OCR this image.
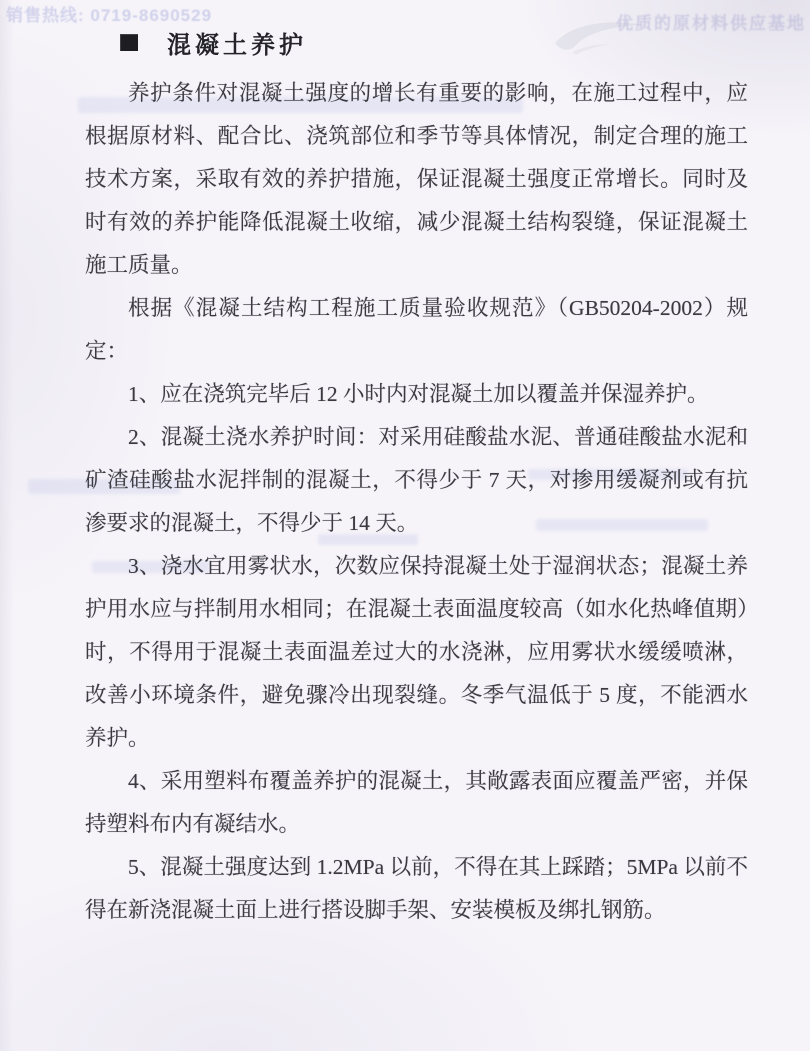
销售热线: 0719-8690529	优质的原材料供应基地
混凝土养护

养护条件对混凝土强度的增长有重要的影响，在施工过程中，应根据原材料、配合比、浇筑部位和季节等具体情况，制定合理的施工技术方案，采取有效的养护措施，保证混凝土强度正常增长。同时及时有效的养护能降低混凝土收缩，减少混凝土结构裂缝，保证混凝土施工质量。

根据《混凝土结构工程施工质量验收规范》（GB50204-2002）规定：

1、应在浇筑完毕后 12 小时内对混凝土加以覆盖并保湿养护。

2、混凝土浇水养护时间：对采用硅酸盐水泥、普通硅酸盐水泥和矿渣硅酸盐水泥拌制的混凝土，不得少于 7 天，对掺用缓凝剂或有抗渗要求的混凝土，不得少于 14 天。

3、浇水宜用雾状水，次数应保持混凝土处于湿润状态；混凝土养护用水应与拌制用水相同；在混凝土表面温度较高（如水化热峰值期）时，不得用于混凝土表面温差过大的水浇淋，应用雾状水缓缓喷淋，改善小环境条件，避免骤冷出现裂缝。冬季气温低于 5 度，不能洒水养护。

4、采用塑料布覆盖养护的混凝土，其敞露表面应覆盖严密，并保持塑料布内有凝结水。

5、混凝土强度达到 1.2MPa 以前，不得在其上踩踏；5MPa 以前不得在新浇混凝土面上进行搭设脚手架、安装模板及绑扎钢筋。
